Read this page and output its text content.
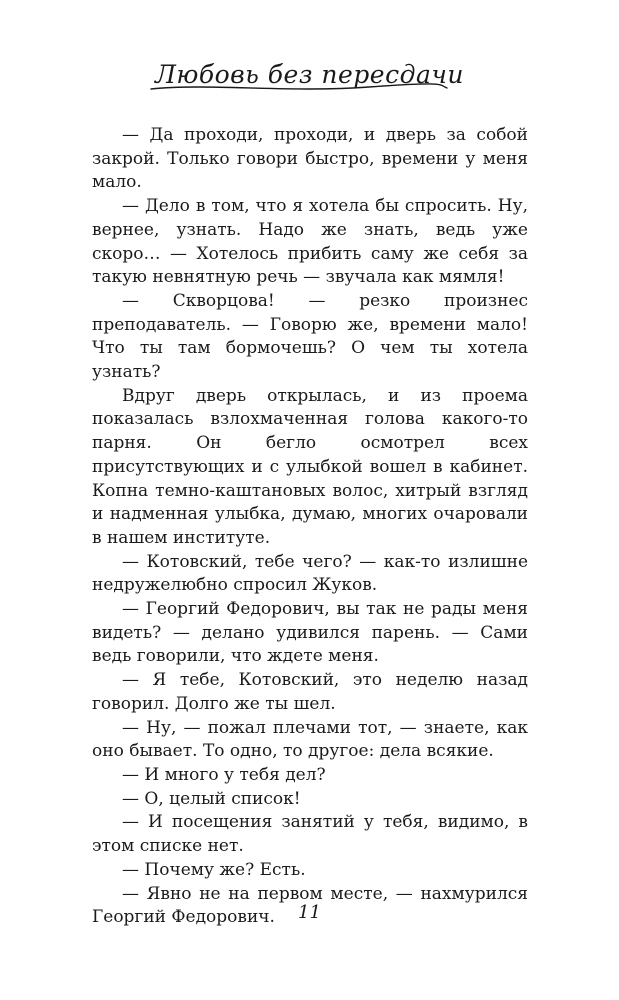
Любовь без пересдачи

— Да проходи, проходи, и дверь за собой закрой. Только говори быстро, времени у меня мало.

— Дело в том, что я хотела бы спросить. Ну, вернее, узнать. Надо же знать, ведь уже скоро… — Хотелось прибить саму же себя за такую невнятную речь — звучала как мямля!

— Скворцова! — резко произнес преподаватель. — Говорю же, времени мало! Что ты там бормочешь? О чем ты хотела узнать?

Вдруг дверь открылась, и из проема показалась взлохмаченная голова какого-то парня. Он бегло осмотрел всех присутствующих и с улыбкой вошел в кабинет. Копна темно-каштановых волос, хитрый взгляд и надменная улыбка, думаю, многих очаровали в нашем институте.

— Котовский, тебе чего? — как-то излишне недружелюбно спросил Жуков.

— Георгий Федорович, вы так не рады меня видеть? — делано удивился парень. — Сами ведь говорили, что ждете меня.

— Я тебе, Котовский, это неделю назад говорил. Долго же ты шел.

— Ну, — пожал плечами тот, — знаете, как оно бывает. То одно, то другое: дела всякие.

— И много у тебя дел?

— О, целый список!

— И посещения занятий у тебя, видимо, в этом списке нет.

— Почему же? Есть.

— Явно не на первом месте, — нахмурился Георгий Федорович.	11
